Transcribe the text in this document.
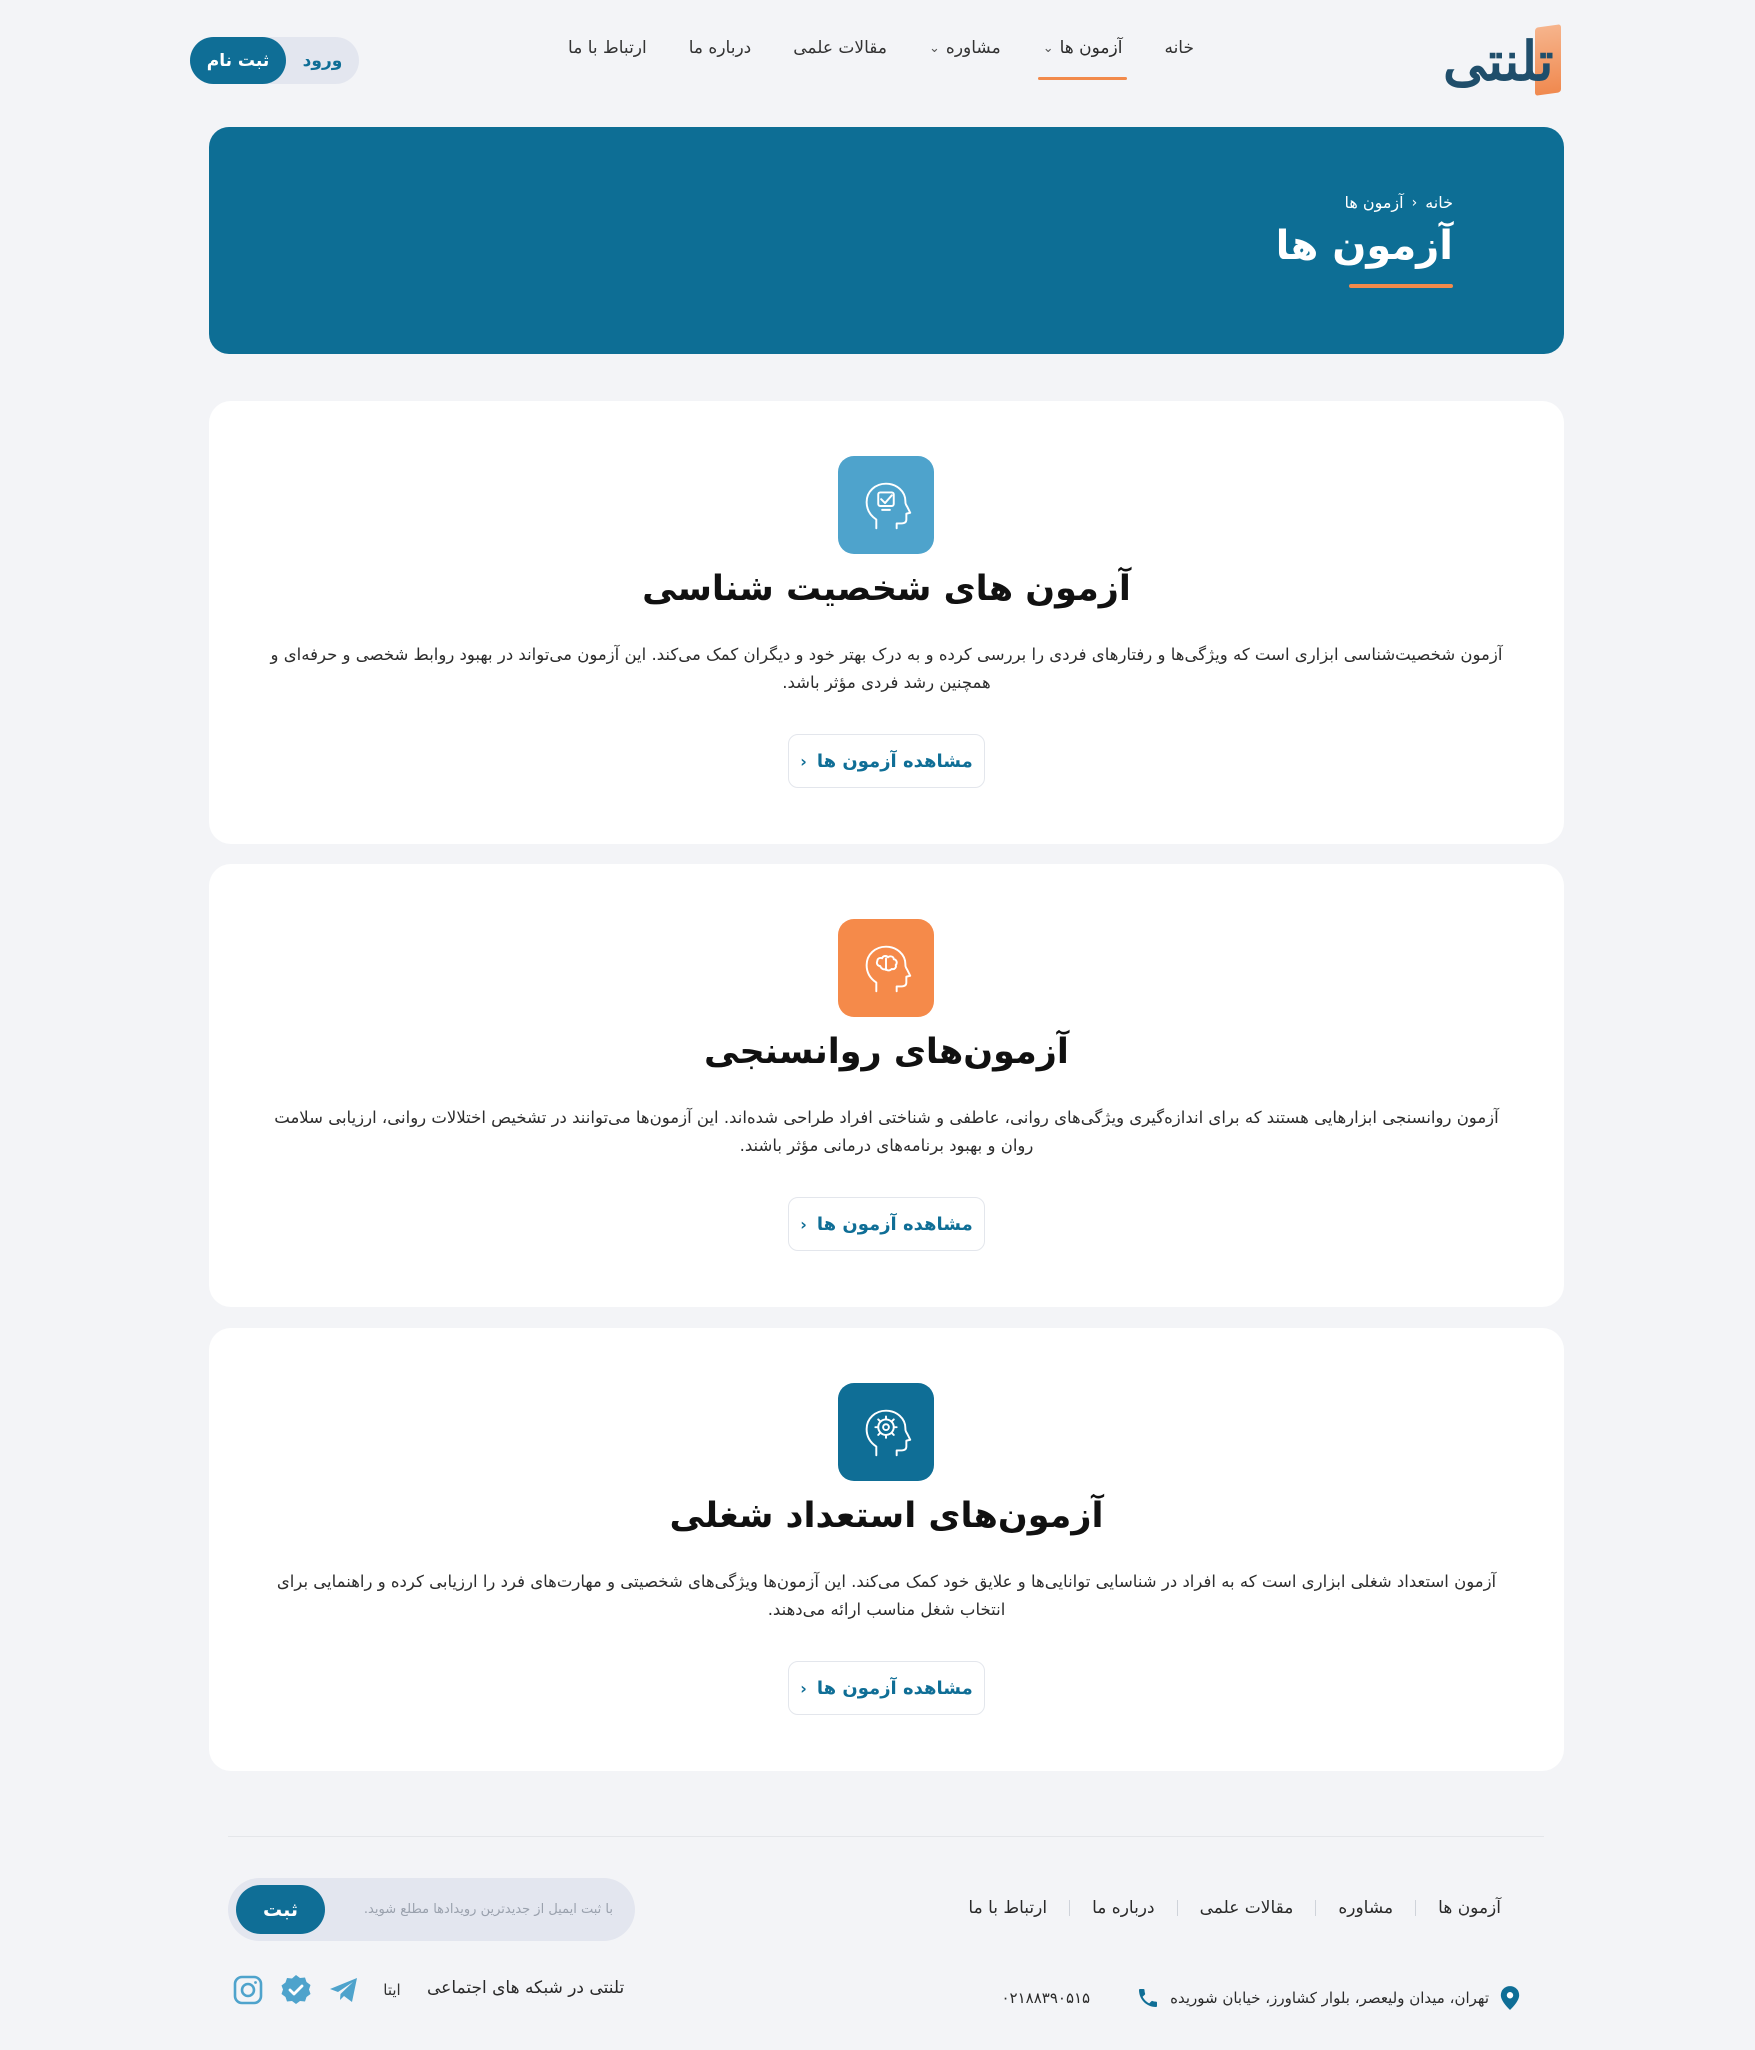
تلنتی
خانه
آزمون ها
⌄
مشاوره
⌄
مقالات علمی
درباره ما
ارتباط با ما
ورود
ثبت نام
خانه
‹
آزمون ها
آزمون ها
آزمون های شخصیت شناسی

آزمون شخصیت‌شناسی ابزاری است که ویژگی‌ها و رفتارهای فردی را بررسی کرده و به درک بهتر خود و دیگران کمک می‌کند. این آزمون می‌تواند در بهبود روابط شخصی و حرفه‌ای و همچنین رشد فردی مؤثر باشد.

مشاهده آزمون ها
‹
آزمون‌های روانسنجی

آزمون روانسنجی ابزارهایی هستند که برای اندازه‌گیری ویژگی‌های روانی، عاطفی و شناختی افراد طراحی شده‌اند. این آزمون‌ها می‌توانند در تشخیص اختلالات روانی، ارزیابی سلامت روان و بهبود برنامه‌های درمانی مؤثر باشند.

مشاهده آزمون ها
‹
آزمون‌های استعداد شغلی

آزمون استعداد شغلی ابزاری است که به افراد در شناسایی توانایی‌ها و علایق خود کمک می‌کند. این آزمون‌ها ویژگی‌های شخصیتی و مهارت‌های فرد را ارزیابی کرده و راهنمایی برای انتخاب شغل مناسب ارائه می‌دهند.

مشاهده آزمون ها
‹
آزمون ها
مشاوره
مقالات علمی
درباره ما
ارتباط با ما
با ثبت ایمیل از جدیدترین رویدادها مطلع شوید.
ثبت
تهران، میدان ولیعصر، بلوار کشاورز، خیابان شوریده
۰۲۱۸۸۳۹۰۵۱۵
تلنتی در شبکه های اجتماعی
ایتا
